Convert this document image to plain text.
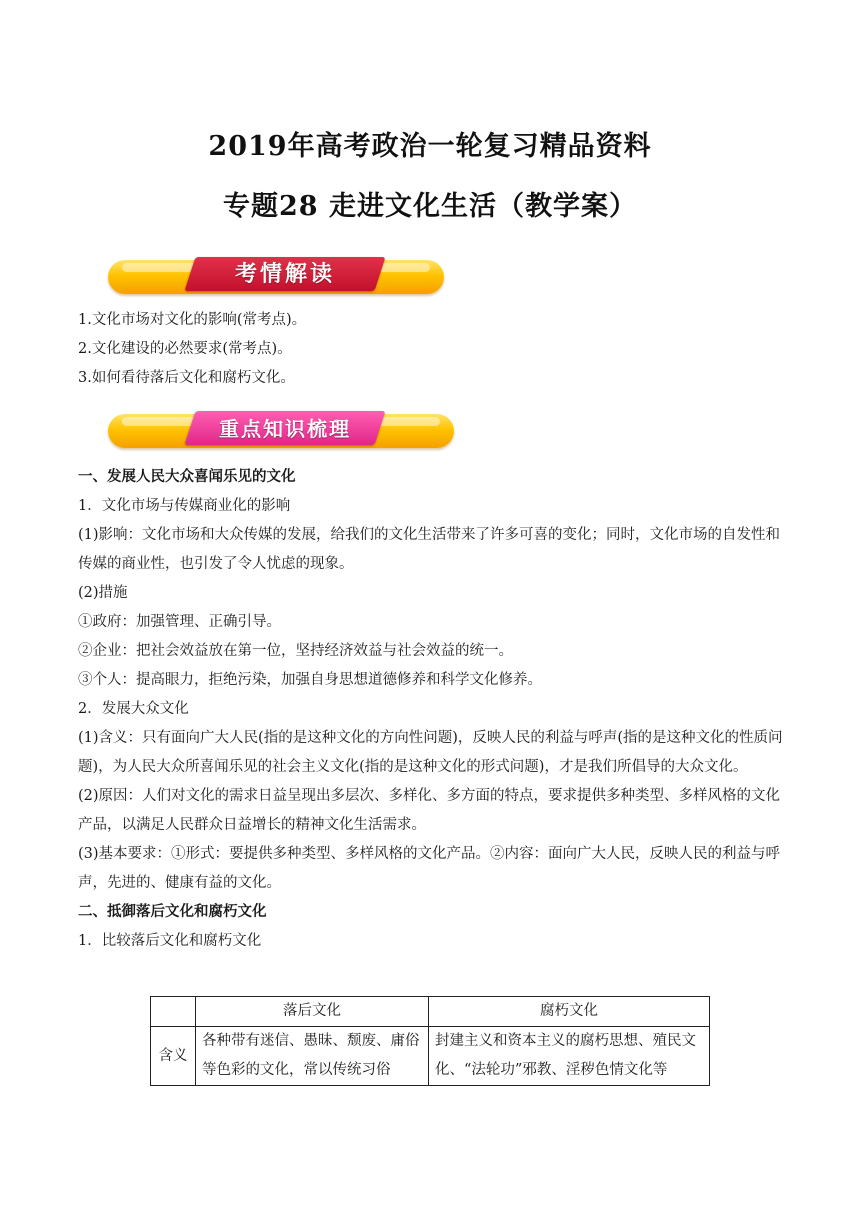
2019年高考政治一轮复习精品资料
专题28 走进文化生活（教学案）
考情解读
1.文化市场对文化的影响(常考点)。
2.文化建设的必然要求(常考点)。
3.如何看待落后文化和腐朽文化。
重点知识梳理
一、发展人民大众喜闻乐见的文化
1．文化市场与传媒商业化的影响
(1)影响：文化市场和大众传媒的发展，给我们的文化生活带来了许多可喜的变化；同时，文化市场的自发性和传媒的商业性，也引发了令人忧虑的现象。
(2)措施
①政府：加强管理、正确引导。
②企业：把社会效益放在第一位，坚持经济效益与社会效益的统一。
③个人：提高眼力，拒绝污染，加强自身思想道德修养和科学文化修养。
2．发展大众文化
(1)含义：只有面向广大人民(指的是这种文化的方向性问题)，反映人民的利益与呼声(指的是这种文化的性质问题)，为人民大众所喜闻乐见的社会主义文化(指的是这种文化的形式问题)，才是我们所倡导的大众文化。
(2)原因：人们对文化的需求日益呈现出多层次、多样化、多方面的特点，要求提供多种类型、多样风格的文化产品，以满足人民群众日益增长的精神文化生活需求。
(3)基本要求：①形式：要提供多种类型、多样风格的文化产品。②内容：面向广大人民，反映人民的利益与呼声，先进的、健康有益的文化。
二、抵御落后文化和腐朽文化
1．比较落后文化和腐朽文化
	落后文化	腐朽文化
含义	各种带有迷信、愚昧、颓废、庸俗等色彩的文化，常以传统习俗	封建主义和资本主义的腐朽思想、殖民文化、“法轮功”邪教、淫秽色情文化等
